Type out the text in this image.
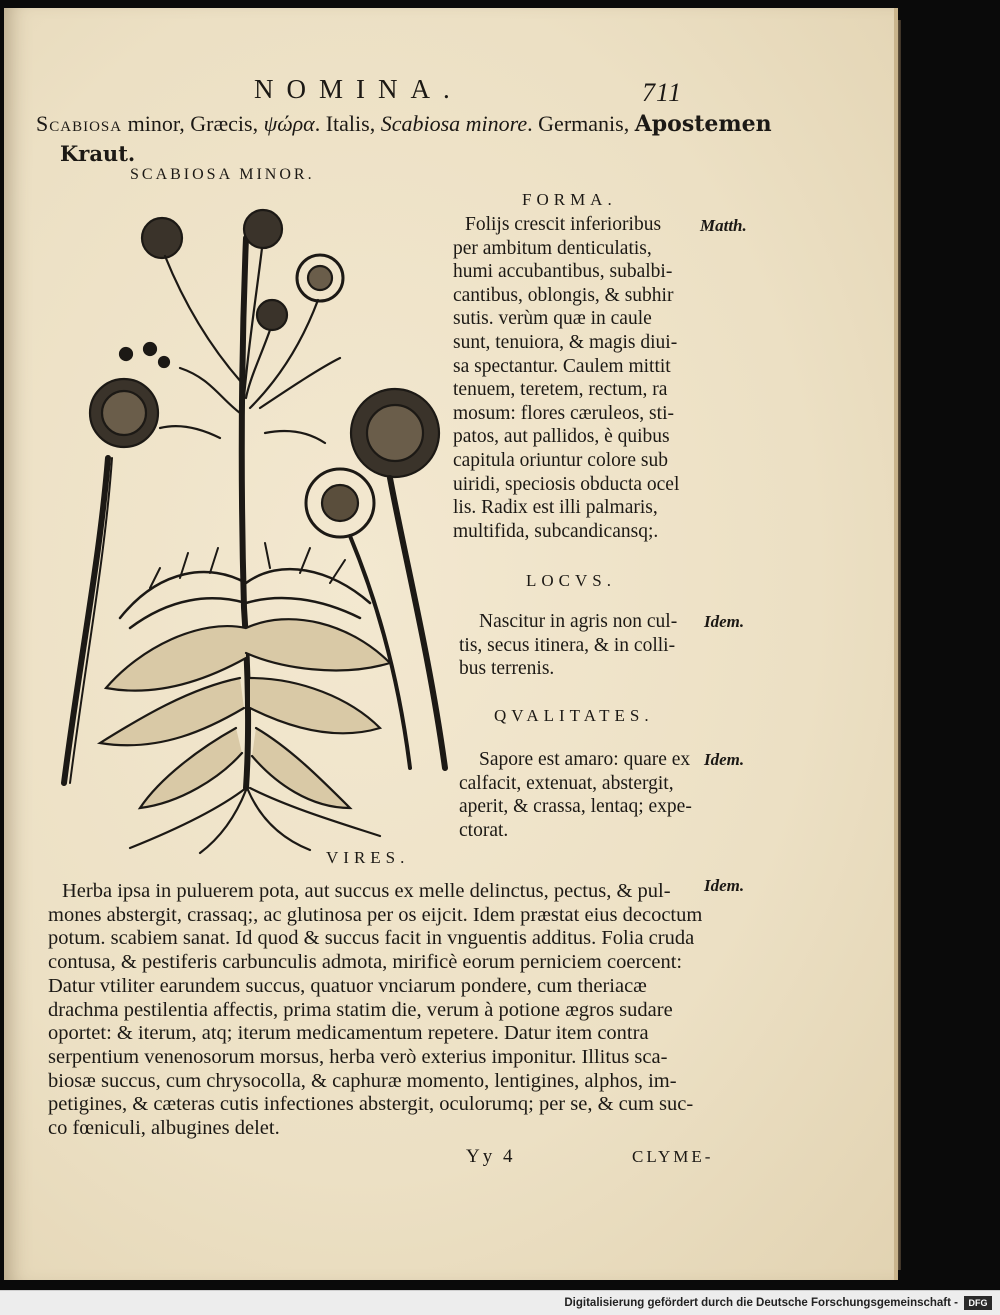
NOMINA.	711
Scabiosa minor, Græcis, ψώρα. Italis, Scabiosa minore. Germanis, Apostemen
Kraut.
SCABIOSA MINOR.
FORMA.
Matth.
Folijs crescit inferioribus
per ambitum denticulatis,
humi accubantibus, subalbi-
cantibus, oblongis, & subhir
sutis. verùm quæ in caule
sunt, tenuiora, & magis diui-
sa spectantur. Caulem mittit
tenuem, teretem, rectum, ra
mosum: flores cæruleos, sti-
patos, aut pallidos, è quibus
capitula oriuntur colore sub
uiridi, speciosis obducta ocel
lis. Radix est illi palmaris,
multifida, subcandicansq;.
LOCVS.
Idem.
Nascitur in agris non cul-
tis, secus itinera, & in colli-
bus terrenis.
QVALITATES.
Idem.
Sapore est amaro: quare ex
calfacit, extenuat, abstergit,
aperit, & crassa, lentaq; expe-
ctorat.
VIRES.
Idem.
Herba ipsa in puluerem pota, aut succus ex melle delinctus, pectus, & pul-
mones abstergit, crassaq;, ac glutinosa per os eijcit. Idem præstat eius decoctum
potum. scabiem sanat. Id quod & succus facit in vnguentis additus. Folia cruda
contusa, & pestiferis carbunculis admota, mirificè eorum perniciem coercent:
Datur vtiliter earundem succus, quatuor vnciarum pondere, cum theriacæ
drachma pestilentia affectis, prima statim die, verum à potione ægros sudare
oportet: & iterum, atq; iterum medicamentum repetere. Datur item contra
serpentium venenosorum morsus, herba verò exterius imponitur. Illitus sca-
biosæ succus, cum chrysocolla, & caphuræ momento, lentigines, alphos, im-
petigines, & cæteras cutis infectiones abstergit, oculorumq; per se, & cum suc-
co fœniculi, albugines delet.
Yy 4	CLYME-
Digitalisierung gefördert durch die Deutsche Forschungsgemeinschaft -	DFG
